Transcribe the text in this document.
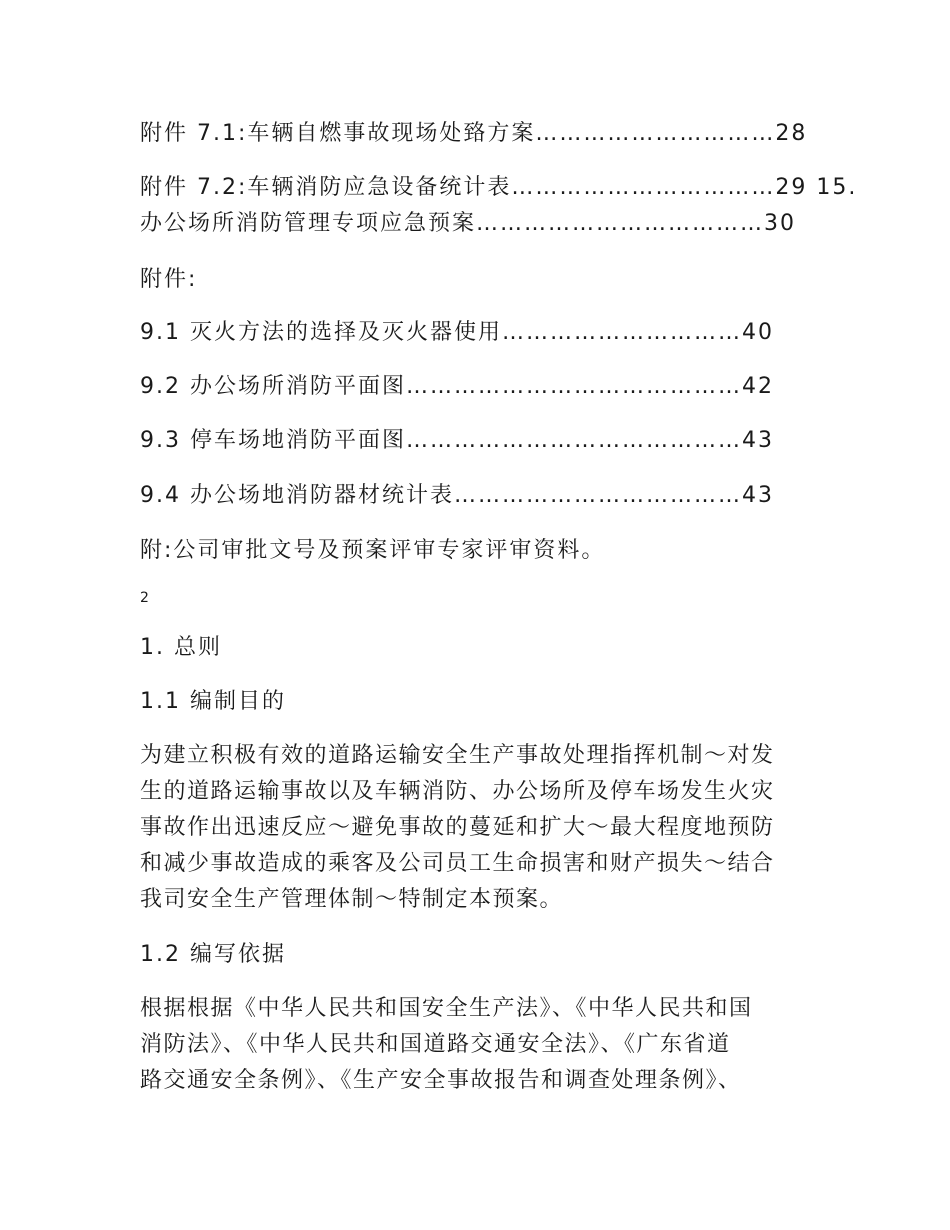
附件 7.1:车辆自燃事故现场处臵方案…………………………28
附件 7.2:车辆消防应急设备统计表……………………………29 15.
办公场所消防管理专项应急预案………………………………30
附件:
9.1 灭火方法的选择及灭火器使用…………………………40
9.2 办公场所消防平面图……………………………………42
9.3 停车场地消防平面图……………………………………43
9.4 办公场地消防器材统计表………………………………43
附:公司审批文号及预案评审专家评审资料。
2
1. 总则
1.1 编制目的
为建立积极有效的道路运输安全生产事故处理指挥机制～对发
生的道路运输事故以及车辆消防、办公场所及停车场发生火灾
事故作出迅速反应～避免事故的蔓延和扩大～最大程度地预防
和减少事故造成的乘客及公司员工生命损害和财产损失～结合
我司安全生产管理体制～特制定本预案。
1.2 编写依据
根据根据《中华人民共和国安全生产法》、《中华人民共和国
消防法》、《中华人民共和国道路交通安全法》、《广东省道
路交通安全条例》、《生产安全事故报告和调查处理条例》、
